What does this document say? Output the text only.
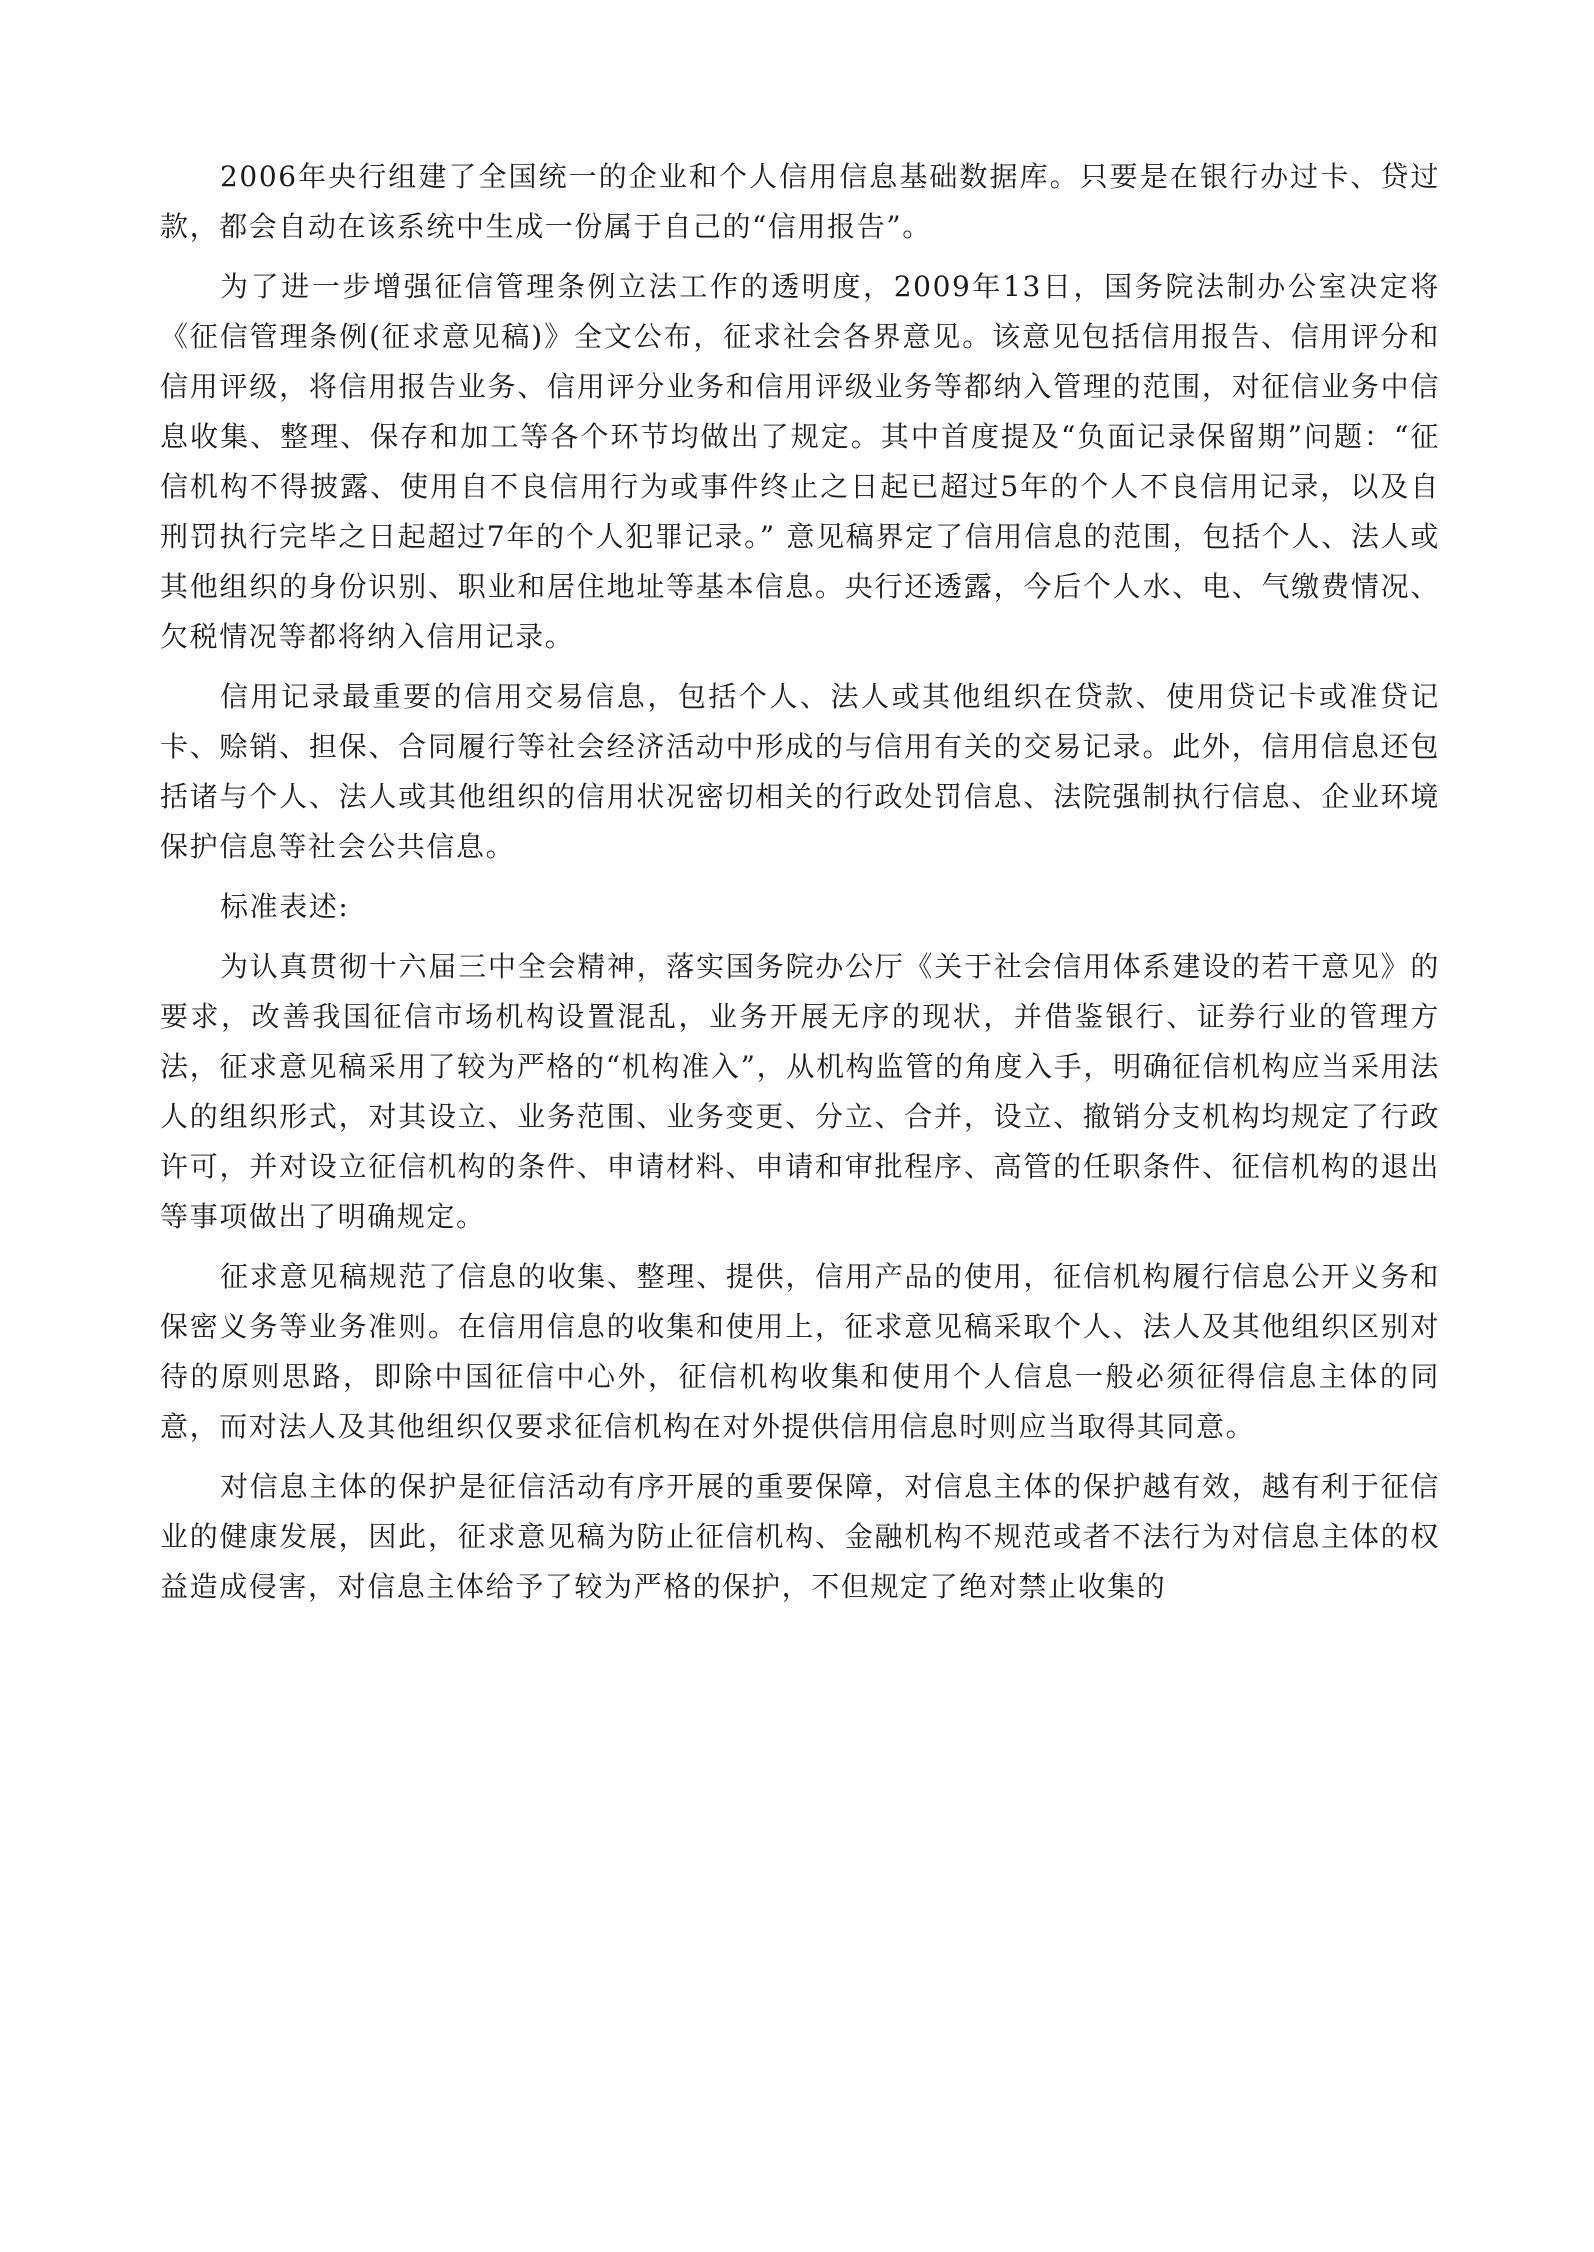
2006年央行组建了全国统一的企业和个人信用信息基础数据库。只要是在银行办过卡、贷过款，都会自动在该系统中生成一份属于自己的“信用报告”。

为了进一步增强征信管理条例立法工作的透明度，2009年13日，国务院法制办公室决定将《征信管理条例(征求意见稿)》全文公布，征求社会各界意见。该意见包括信用报告、信用评分和信用评级，将信用报告业务、信用评分业务和信用评级业务等都纳入管理的范围，对征信业务中信息收集、整理、保存和加工等各个环节均做出了规定。其中首度提及“负面记录保留期”问题：“征信机构不得披露、使用自不良信用行为或事件终止之日起已超过5年的个人不良信用记录，以及自刑罚执行完毕之日起超过7年的个人犯罪记录。” 意见稿界定了信用信息的范围，包括个人、法人或其他组织的身份识别、职业和居住地址等基本信息。央行还透露，今后个人水、电、气缴费情况、欠税情况等都将纳入信用记录。

信用记录最重要的信用交易信息，包括个人、法人或其他组织在贷款、使用贷记卡或准贷记卡、赊销、担保、合同履行等社会经济活动中形成的与信用有关的交易记录。此外，信用信息还包括诸与个人、法人或其他组织的信用状况密切相关的行政处罚信息、法院强制执行信息、企业环境保护信息等社会公共信息。

标准表述:

为认真贯彻十六届三中全会精神，落实国务院办公厅《关于社会信用体系建设的若干意见》的要求，改善我国征信市场机构设置混乱，业务开展无序的现状，并借鉴银行、证券行业的管理方法，征求意见稿采用了较为严格的“机构准入”，从机构监管的角度入手，明确征信机构应当采用法人的组织形式，对其设立、业务范围、业务变更、分立、合并，设立、撤销分支机构均规定了行政许可，并对设立征信机构的条件、申请材料、申请和审批程序、高管的任职条件、征信机构的退出等事项做出了明确规定。

征求意见稿规范了信息的收集、整理、提供，信用产品的使用，征信机构履行信息公开义务和保密义务等业务准则。在信用信息的收集和使用上，征求意见稿采取个人、法人及其他组织区别对待的原则思路，即除中国征信中心外，征信机构收集和使用个人信息一般必须征得信息主体的同意，而对法人及其他组织仅要求征信机构在对外提供信用信息时则应当取得其同意。

对信息主体的保护是征信活动有序开展的重要保障，对信息主体的保护越有效，越有利于征信业的健康发展，因此，征求意见稿为防止征信机构、金融机构不规范或者不法行为对信息主体的权益造成侵害，对信息主体给予了较为严格的保护，不但规定了绝对禁止收集的
